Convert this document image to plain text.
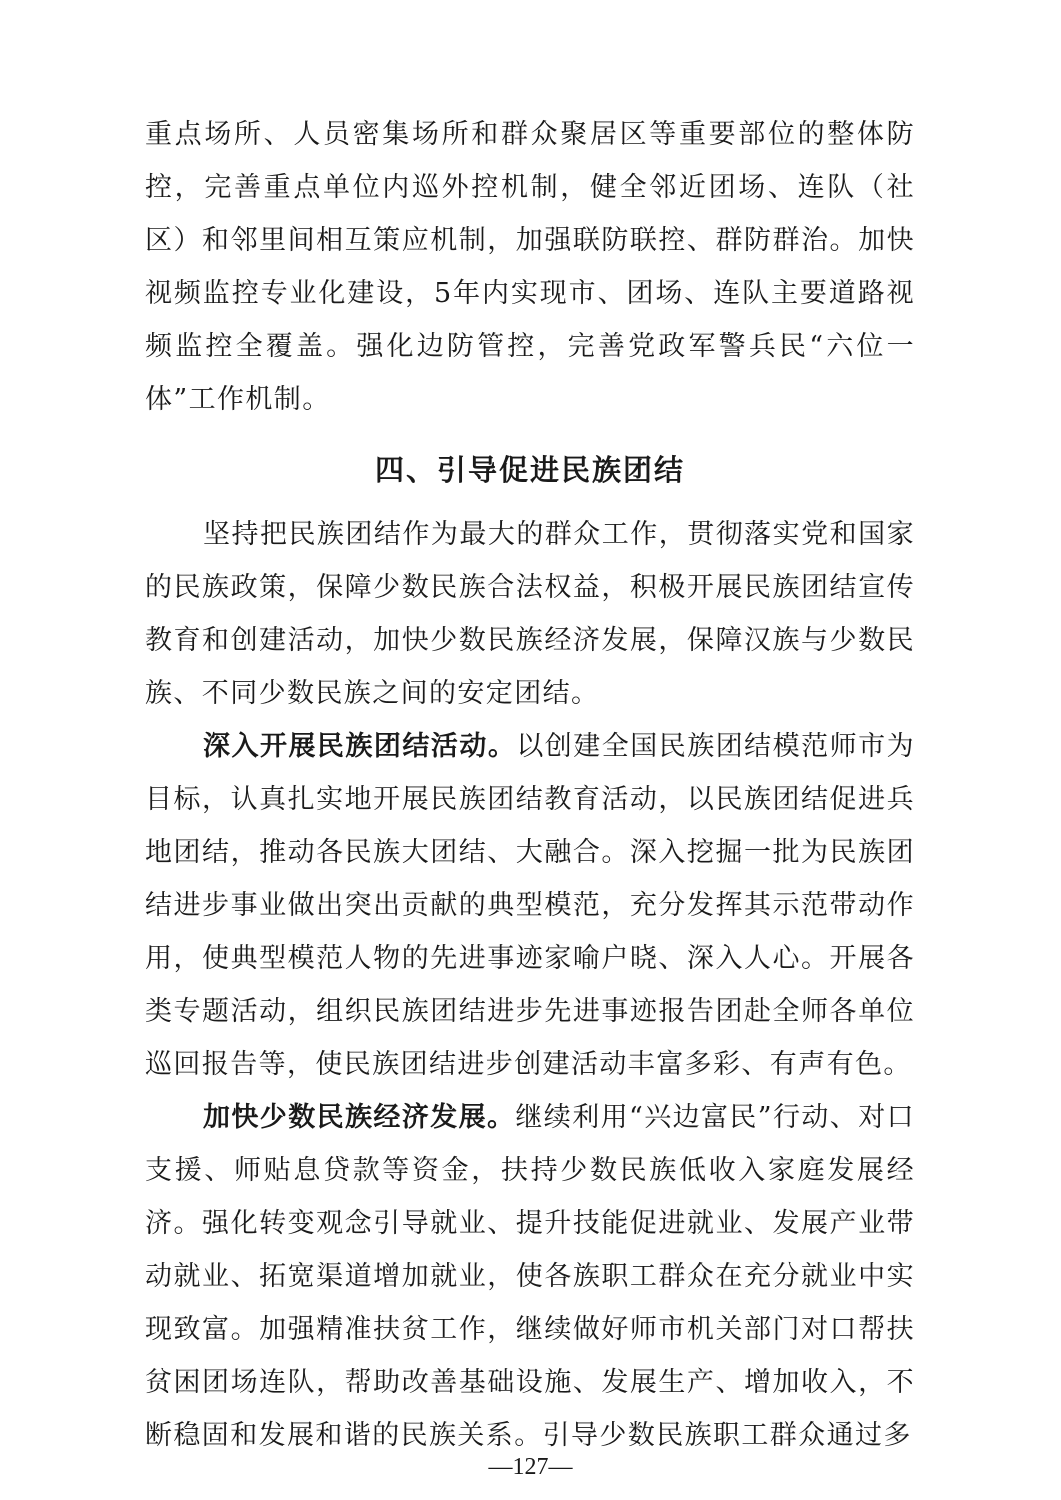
重点场所、人员密集场所和群众聚居区等重要部位的整体防控，完善重点单位内巡外控机制，健全邻近团场、连队（社区）和邻里间相互策应机制，加强联防联控、群防群治。加快视频监控专业化建设，5年内实现市、团场、连队主要道路视频监控全覆盖。强化边防管控，完善党政军警兵民“六位一体”工作机制。

四、引导促进民族团结

坚持把民族团结作为最大的群众工作，贯彻落实党和国家的民族政策，保障少数民族合法权益，积极开展民族团结宣传教育和创建活动，加快少数民族经济发展，保障汉族与少数民族、不同少数民族之间的安定团结。

深入开展民族团结活动。以创建全国民族团结模范师市为目标，认真扎实地开展民族团结教育活动，以民族团结促进兵地团结，推动各民族大团结、大融合。深入挖掘一批为民族团结进步事业做出突出贡献的典型模范，充分发挥其示范带动作用，使典型模范人物的先进事迹家喻户晓、深入人心。开展各类专题活动，组织民族团结进步先进事迹报告团赴全师各单位巡回报告等，使民族团结进步创建活动丰富多彩、有声有色。

加快少数民族经济发展。继续利用“兴边富民”行动、对口支援、师贴息贷款等资金，扶持少数民族低收入家庭发展经济。强化转变观念引导就业、提升技能促进就业、发展产业带动就业、拓宽渠道增加就业，使各族职工群众在充分就业中实现致富。加强精准扶贫工作，继续做好师市机关部门对口帮扶贫困团场连队，帮助改善基础设施、发展生产、增加收入，不断稳固和发展和谐的民族关系。引导少数民族职工群众通过多

—127—
